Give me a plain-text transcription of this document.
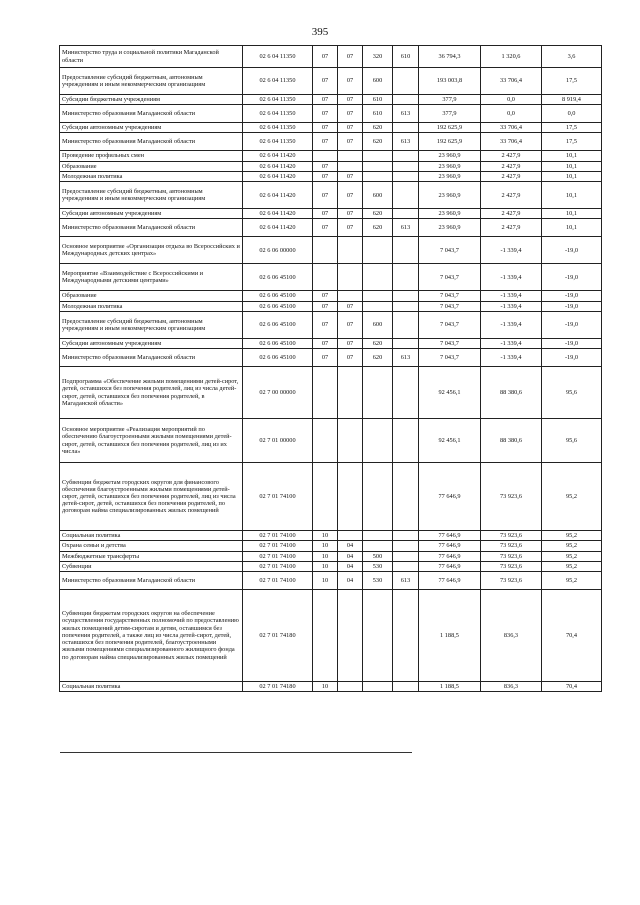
395
Министерство труда и социальной политики Магаданской области	02 6 04 11350	07	07	320	610	36 794,3	1 320,6	3,6
Предоставление субсидий бюджетным, автономным учреждениям и иным некоммерческим организациям	02 6 04 11350	07	07	600		193 003,8	33 706,4	17,5
Субсидии бюджетным учреждениям	02 6 04 11350	07	07	610		377,9	0,0	8 919,4
Министерство образования Магаданской области	02 6 04 11350	07	07	610	613	377,9	0,0	0,0
Субсидии автономным учреждениям	02 6 04 11350	07	07	620		192 625,9	33 706,4	17,5
Министерство образования Магаданской области	02 6 04 11350	07	07	620	613	192 625,9	33 706,4	17,5
Проведение профильных смен	02 6 04 11420					23 960,9	2 427,9	10,1
Образование	02 6 04 11420	07				23 960,9	2 427,9	10,1
Молодежная политика	02 6 04 11420	07	07			23 960,9	2 427,9	10,1
Предоставление субсидий бюджетным, автономным учреждениям и иным некоммерческим организациям	02 6 04 11420	07	07	600		23 960,9	2 427,9	10,1
Субсидии автономным учреждениям	02 6 04 11420	07	07	620		23 960,9	2 427,9	10,1
Министерство образования Магаданской области	02 6 04 11420	07	07	620	613	23 960,9	2 427,9	10,1
Основное мероприятие «Организация отдыха во Всероссийских и Международных детских центрах»	02 6 06 00000					7 043,7	-1 339,4	-19,0
Мероприятие «Взаимодействие с Всероссийскими и Международными детскими центрами»	02 6 06 45100					7 043,7	-1 339,4	-19,0
Образование	02 6 06 45100	07				7 043,7	-1 339,4	-19,0
Молодежная политика	02 6 06 45100	07	07			7 043,7	-1 339,4	-19,0
Предоставление субсидий бюджетным, автономным учреждениям и иным некоммерческим организациям	02 6 06 45100	07	07	600		7 043,7	-1 339,4	-19,0
Субсидии автономным учреждениям	02 6 06 45100	07	07	620		7 043,7	-1 339,4	-19,0
Министерство образования Магаданской области	02 6 06 45100	07	07	620	613	7 043,7	-1 339,4	-19,0
Подпрограмма «Обеспечение жильми помещениями детей-сирот, детей, оставшихся без попечения родителей, лиц из числа детей-сирот, детей, оставшихся без попечения родителей, в Магаданской области»	02 7 00 00000					92 456,1	88 380,6	95,6
Основное мероприятие «Реализация мероприятий по обеспечению благоустроенными жилыми помещениями детей-сирот, детей, оставшихся без попечения родителей, лиц из их числа»	02 7 01 00000					92 456,1	88 380,6	95,6
Субвенции бюджетам городских округов для финансового обеспечения благоустроенными жилыми помещениями детей-сирот, детей, оставшихся без попечения родителей, лиц из числа детей-сирот, детей, оставшихся без попечения родителей, по договорам найма специализированных жилых помещений	02 7 01 74100					77 646,9	73 923,6	95,2
Социальная политика	02 7 01 74100	10				77 646,9	73 923,6	95,2
Охрана семьи и детства	02 7 01 74100	10	04			77 646,9	73 923,6	95,2
Межбюджетные трансферты	02 7 01 74100	10	04	500		77 646,9	73 923,6	95,2
Субвенции	02 7 01 74100	10	04	530		77 646,9	73 923,6	95,2
Министерство образования Магаданской области	02 7 01 74100	10	04	530	613	77 646,9	73 923,6	95,2
Субвенции бюджетам городских округов на обеспечение осуществления государственных полномочий по предоставлению жилых помещений детям-сиротам и детям, оставшимся без попечения родителей, а также лиц из числа детей-сирот, детей, оставшихся без попечения родителей, благоустроенными жилыми помещениями специализированного жилищного фонда по договорам найма специализированных жилых помещений	02 7 01 74180					1 188,5	836,3	70,4
Социальная политика	02 7 01 74180	10				1 188,5	836,3	70,4
